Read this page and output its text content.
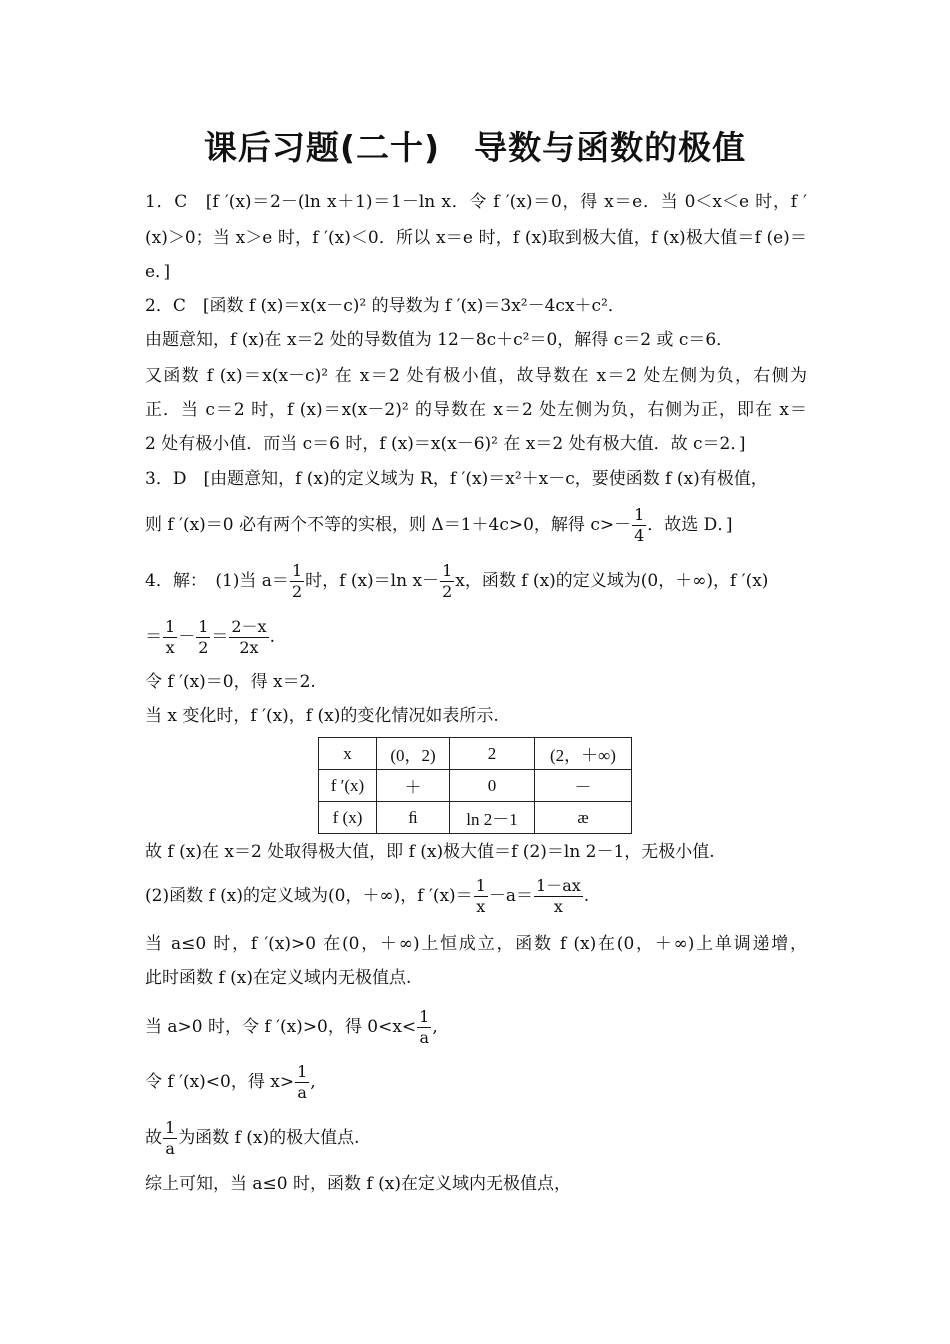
课后习题(二十)　导数与函数的极值
1．C　[f ′(x)＝2－(ln x＋1)＝1－ln x．令 f ′(x)＝0，得 x＝e．当 0＜x＜e 时，f ′
(x)＞0；当 x＞e 时，f ′(x)＜0．所以 x＝e 时，f (x)取到极大值，f (x)极大值＝f (e)＝
e．]
2．C　[函数 f (x)＝x(x－c)² 的导数为 f ′(x)＝3x²－4cx＋c²．
由题意知，f (x)在 x＝2 处的导数值为 12－8c＋c²＝0，解得 c＝2 或 c＝6．
又函数 f (x)＝x(x－c)² 在 x＝2 处有极小值，故导数在 x＝2 处左侧为负，右侧为
正．当 c＝2 时，f (x)＝x(x－2)² 的导数在 x＝2 处左侧为负，右侧为正，即在 x＝
2 处有极小值．而当 c＝6 时，f (x)＝x(x－6)² 在 x＝2 处有极大值．故 c＝2．]
3．D　[由题意知，f (x)的定义域为 R，f ′(x)＝x²＋x－c，要使函数 f (x)有极值，
则 f ′(x)＝0 必有两个不等的实根，则 Δ＝1＋4c>0，解得 $c>- \frac{1}{4}$ ．故选 D．]
4．解：　(1)当 $a= \frac{1}{2}$ 时，f (x)＝ln $x- \frac{1}{2}$ x，函数 f (x)的定义域为(0，＋∞)，f ′(x)
＝ $\frac{1}{x} - \frac{1}{2} = \frac{2-x}{2x}$ .
令 f ′(x)＝0，得 x＝2.
当 x 变化时，f ′(x)，f (x)的变化情况如表所示.
x	(0，2)	2	(2，＋∞)
f ′(x)	＋	0	－
f (x)	ﬁ	ln 2－1	æ
故 f (x)在 x＝2 处取得极大值，即 f (x)极大值＝f (2)＝ln 2－1，无极小值.
(2)函数 f (x)的定义域为(0，＋∞)，f $'(x)= \frac{1}{x} -a= \frac{1-ax}{x}$ .
当 a≤0 时，f ′(x)>0 在(0，＋∞)上恒成立，函数 f (x)在(0，＋∞)上单调递增，
此时函数 f (x)在定义域内无极值点.
当 a>0 时，令 f ′(x)>0，得 $0<x< \frac{1}{a}$ ,
令 f ′(x)<0，得 $x> \frac{1}{a}$ ,
故 $\frac{1}{a}$ 为函数 f (x)的极大值点.
综上可知，当 a≤0 时，函数 f (x)在定义域内无极值点，
